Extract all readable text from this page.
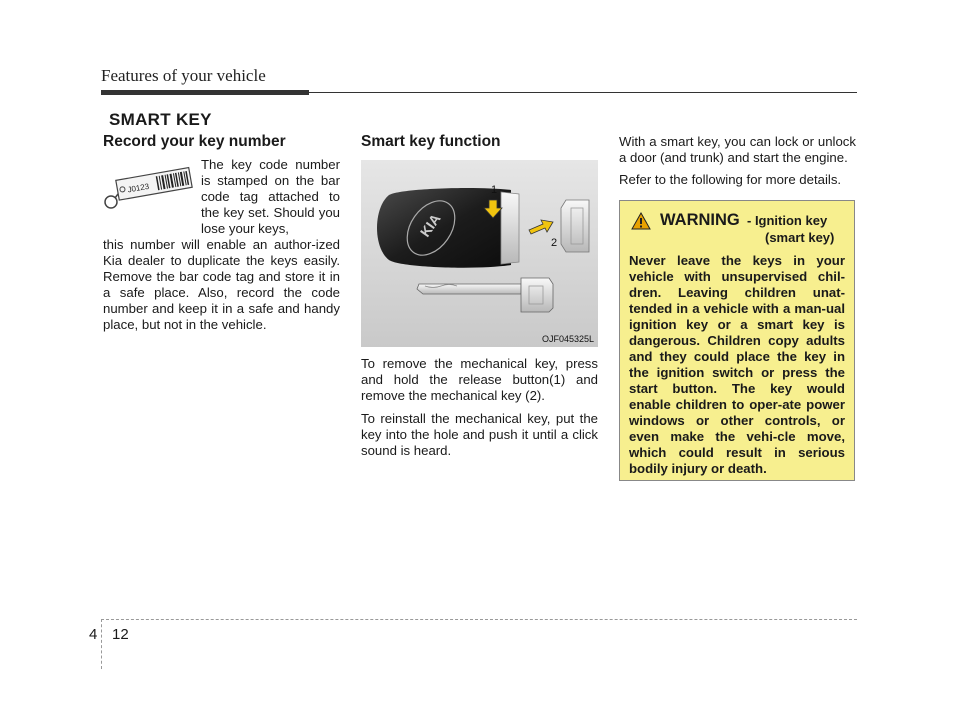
Features of your vehicle
SMART KEY

Record your key number

J0123

The key code number is stamped on the bar code tag attached to the key set. Should you lose your keys,

this number will enable an author-ized Kia dealer to duplicate the keys easily. Remove the bar code tag and store it in a safe place. Also, record the code number and keep it in a safe and handy place, but not in the vehicle.

Smart key function

KIA
1
2
OJF045325L

To remove the mechanical key, press and hold the release button(1) and remove the mechanical key (2).

To reinstall the mechanical key, put the key into the hole and push it until a click sound is heard.

With a smart key, you can lock or unlock a door (and trunk) and start the engine.

Refer to the following for more details.

WARNING - Ignition key
(smart key)

Never leave the keys in your vehicle with unsupervised chil-dren. Leaving children unat-tended in a vehicle with a man-ual ignition key or a smart key is dangerous. Children copy adults and they could place the key in the ignition switch or press the start button. The key would enable children to oper-ate power windows or other controls, or even make the vehi-cle move, which could result in serious bodily injury or death.

4 12
